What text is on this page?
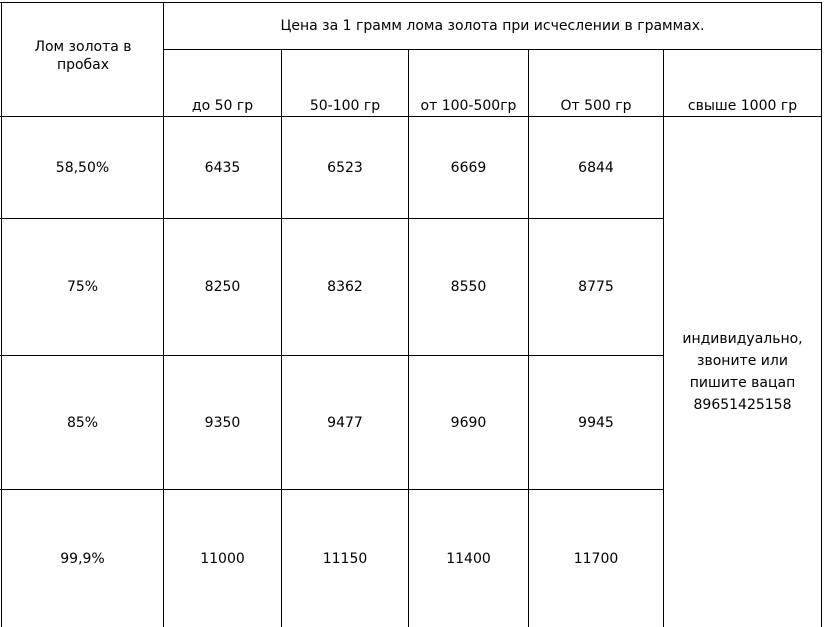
Лом золота в пробах
Цена за 1 грамм лома золота при исчеслении в граммах.
до 50 гр	50-100 гр	от 100-500гр	От 500 гр	свыше 1000 гр
58,50%	6435	6523	6669	6844
75%	8250	8362	8550	8775
85%	9350	9477	9690	9945
99,9%	11000	11150	11400	11700
индивидуально,
звоните или
пишите вацап
89651425158
